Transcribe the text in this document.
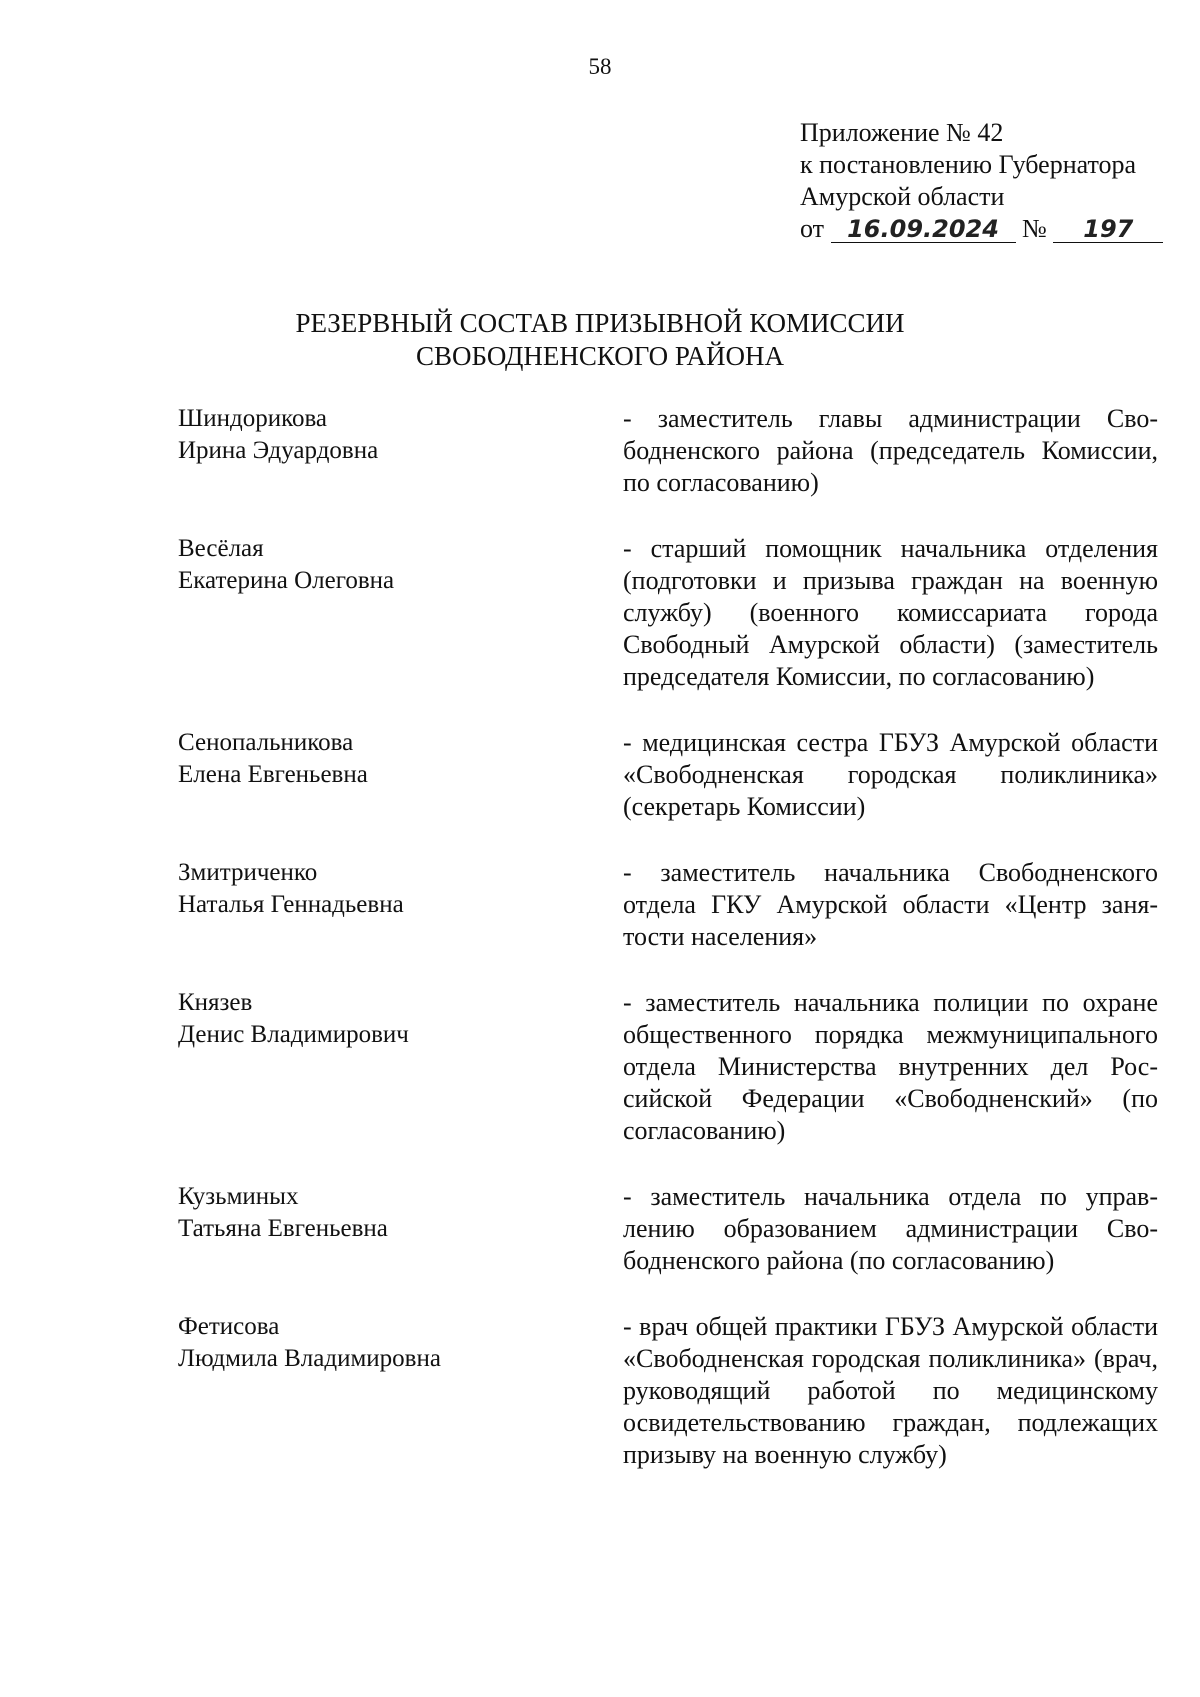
58
Приложение № 42
к постановлению Губернатора
Амурской области
от 16.09.2024 № 197
РЕЗЕРВНЫЙ СОСТАВ ПРИЗЫВНОЙ КОМИССИИ
СВОБОДНЕНСКОГО РАЙОНА
Шиндорикова
Ирина Эдуардовна
- заместитель главы администрации Свободненского района (председатель Комиссии, по согласованию)
Весёлая
Екатерина Олеговна
- старший помощник начальника отделения (подготовки и призыва граждан на военную службу) (военного комиссариата города Свободный Амурской области) (заместитель председателя Комиссии, по согласованию)
Сенопальникова
Елена Евгеньевна
- медицинская сестра ГБУЗ Амурской области «Свободненская городская поликлиника» (секретарь Комиссии)
Змитриченко
Наталья Геннадьевна
- заместитель начальника Свободненского отдела ГКУ Амурской области «Центр занятости населения»
Князев
Денис Владимирович
- заместитель начальника полиции по охране общественного порядка межмуниципального отдела Министерства внутренних дел Российской Федерации «Свободненский» (по согласованию)
Кузьминых
Татьяна Евгеньевна
- заместитель начальника отдела по управлению образованием администрации Свободненского района (по согласованию)
Фетисова
Людмила Владимировна
- врач общей практики ГБУЗ Амурской области «Свободненская городская поликлиника» (врач, руководящий работой по медицинскому освидетельствованию граждан, подлежащих призыву на военную службу)
